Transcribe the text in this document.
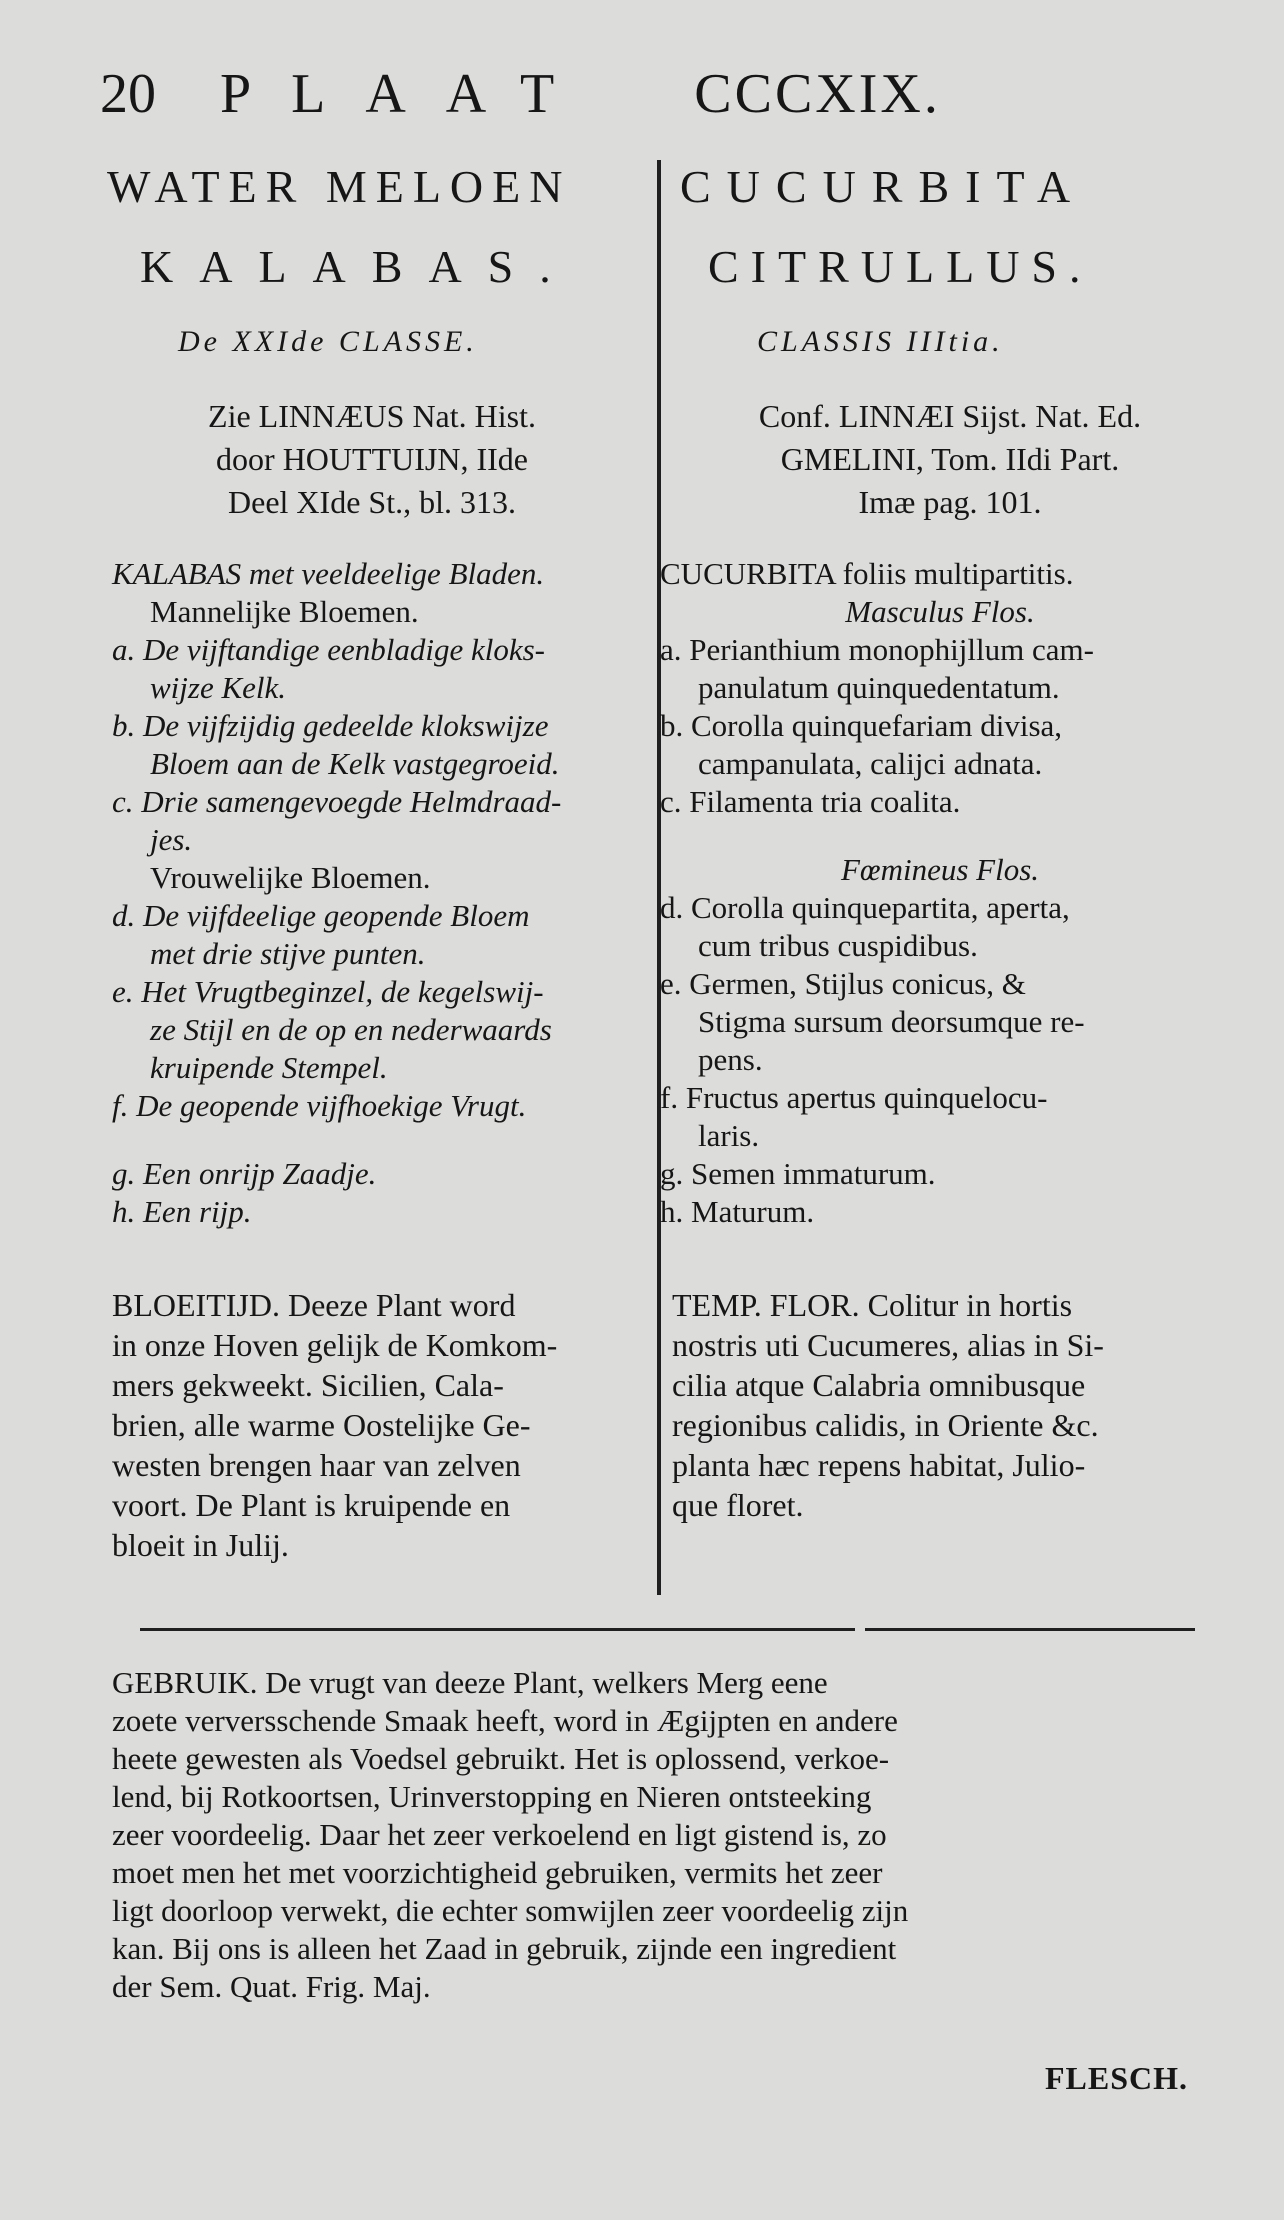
20 PLAAT CCCXIX.
WATER MELOEN
KALABAS.
De XXIde CLASSE.
Zie LINNÆUS Nat. Hist.
door HOUTTUIJN, IIde
Deel XIde St., bl. 313.
KALABAS met veeldeelige Bladen.
Mannelijke Bloemen.
a. De vijftandige eenbladige kloks-
wijze Kelk.
b. De vijfzijdig gedeelde klokswijze
Bloem aan de Kelk vastgegroeid.
c. Drie samengevoegde Helmdraad-
jes.
Vrouwelijke Bloemen.
d. De vijfdeelige geopende Bloem
met drie stijve punten.
e. Het Vrugtbeginzel, de kegelswij-
ze Stijl en de op en nederwaards
kruipende Stempel.
f. De geopende vijfhoekige Vrugt.
g. Een onrijp Zaadje.
h. Een rijp.
BLOEITIJD. Deeze Plant word
in onze Hoven gelijk de Komkom-
mers gekweekt. Sicilien, Cala-
brien, alle warme Oostelijke Ge-
westen brengen haar van zelven
voort. De Plant is kruipende en
bloeit in Julij.
CUCURBITA
CITRULLUS.
CLASSIS IIItia.
Conf. LINNÆI Sijst. Nat. Ed.
GMELINI, Tom. IIdi Part.
Imæ pag. 101.
CUCURBITA foliis multipartitis.
Masculus Flos.
a. Perianthium monophijllum cam-
panulatum quinquedentatum.
b. Corolla quinquefariam divisa,
campanulata, calijci adnata.
c. Filamenta tria coalita.
Fœmineus Flos.
d. Corolla quinquepartita, aperta,
cum tribus cuspidibus.
e. Germen, Stijlus conicus, &
Stigma sursum deorsumque re-
pens.
f. Fructus apertus quinquelocu-
laris.
g. Semen immaturum.
h. Maturum.
TEMP. FLOR. Colitur in hortis
nostris uti Cucumeres, alias in Si-
cilia atque Calabria omnibusque
regionibus calidis, in Oriente &c.
planta hæc repens habitat, Julio-
que floret.
GEBRUIK. De vrugt van deeze Plant, welkers Merg eene
zoete verversschende Smaak heeft, word in Ægijpten en andere
heete gewesten als Voedsel gebruikt. Het is oplossend, verkoe-
lend, bij Rotkoortsen, Urinverstopping en Nieren ontsteeking
zeer voordeelig. Daar het zeer verkoelend en ligt gistend is, zo
moet men het met voorzichtigheid gebruiken, vermits het zeer
ligt doorloop verwekt, die echter somwijlen zeer voordeelig zijn
kan. Bij ons is alleen het Zaad in gebruik, zijnde een ingredient
der Sem. Quat. Frig. Maj.
FLESCH.
